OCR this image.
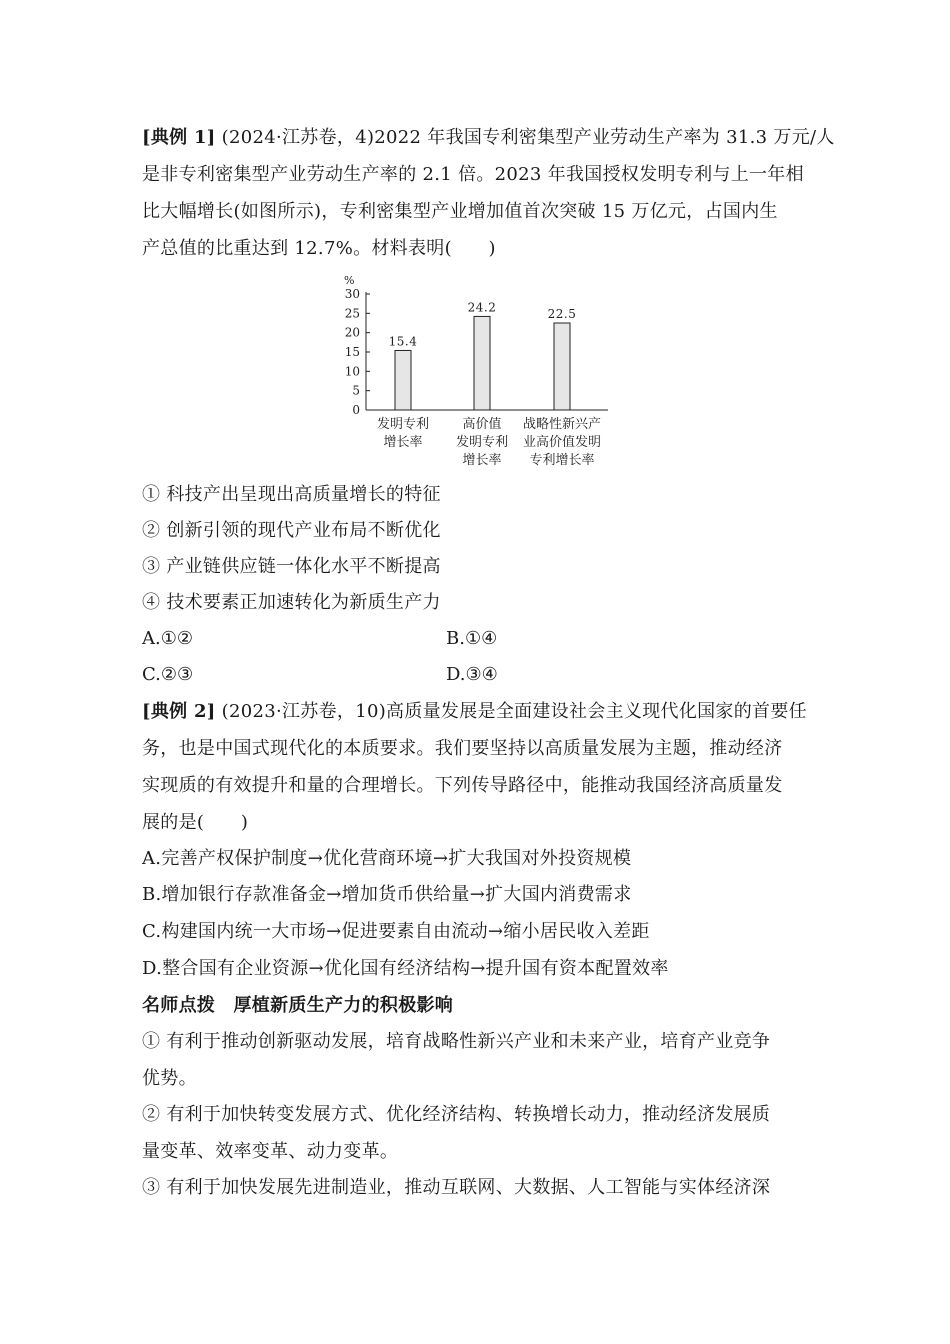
[典例 1] (2024·江苏卷，4)2022 年我国专利密集型产业劳动生产率为 31.3 万元/人
是非专利密集型产业劳动生产率的 2.1 倍。2023 年我国授权发明专利与上一年相
比大幅增长(如图所示)，专利密集型产业增加值首次突破 15 万亿元，占国内生
产总值的比重达到 12.7%。材料表明(　　)
%
0
5
10
15
20
25
30
15.4
24.2	22.5
发明专利
增长率
高价值
发明专利
增长率
战略性新兴产
业高价值发明
专利增长率
① 科技产出呈现出高质量增长的特征
② 创新引领的现代产业布局不断优化
③ 产业链供应链一体化水平不断提高
④ 技术要素正加速转化为新质生产力
A.①②	B.①④
C.②③	D.③④
[典例 2] (2023·江苏卷，10)高质量发展是全面建设社会主义现代化国家的首要任
务，也是中国式现代化的本质要求。我们要坚持以高质量发展为主题，推动经济
实现质的有效提升和量的合理增长。下列传导路径中，能推动我国经济高质量发
展的是(　　)
A.完善产权保护制度→优化营商环境→扩大我国对外投资规模
B.增加银行存款准备金→增加货币供给量→扩大国内消费需求
C.构建国内统一大市场→促进要素自由流动→缩小居民收入差距
D.整合国有企业资源→优化国有经济结构→提升国有资本配置效率
名师点拨　厚植新质生产力的积极影响
① 有利于推动创新驱动发展，培育战略性新兴产业和未来产业，培育产业竞争
优势。
② 有利于加快转变发展方式、优化经济结构、转换增长动力，推动经济发展质
量变革、效率变革、动力变革。
③ 有利于加快发展先进制造业，推动互联网、大数据、人工智能与实体经济深
